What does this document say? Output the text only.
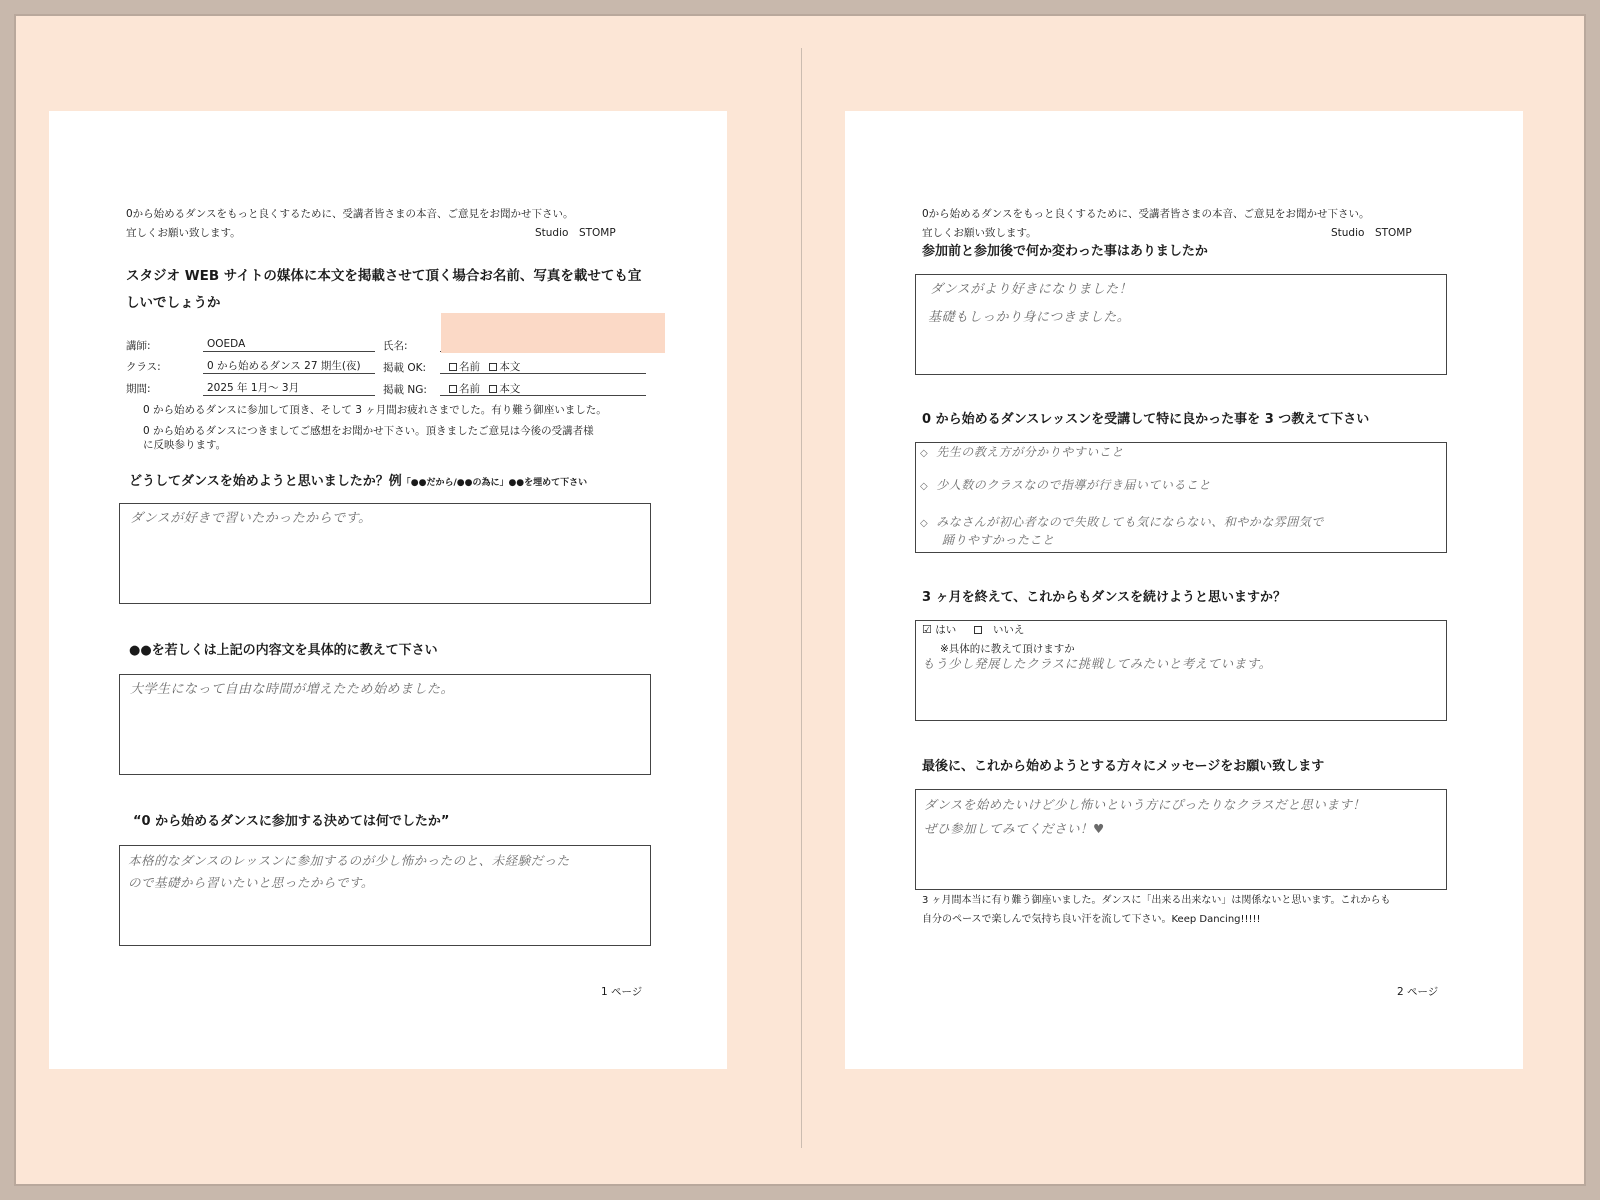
0から始めるダンスをもっと良くするために、受講者皆さまの本音、ご意見をお聞かせ下さい。
宜しくお願い致します。	Studio　STOMP
スタジオ WEB サイトの媒体に本文を掲載させて頂く場合お名前、写真を載せても宜
しいでしょうか
講師:	OOEDA	氏名:
クラス:	0 から始めるダンス 27 期生(夜) 掲載 OK:	名前 本文
期間:	2025 年 1月～ 3月	掲載 NG:	名前 本文
0 から始めるダンスに参加して頂き、そして 3 ヶ月間お疲れさまでした。有り難う御座いました。
0 から始めるダンスにつきましてご感想をお聞かせ下さい。頂きましたご意見は今後の受講者様
に反映参ります。
どうしてダンスを始めようと思いましたか？例「●●だから/●●の為に」●●を埋めて下さい
ダンスが好きで習いたかったからです。
●●を若しくは上記の内容文を具体的に教えて下さい
大学生になって自由な時間が増えたため始めました。
“0 から始めるダンスに参加する決めては何でしたか”
本格的なダンスのレッスンに参加するのが少し怖かったのと、未経験だった
ので基礎から習いたいと思ったからです。
1 ページ
0から始めるダンスをもっと良くするために、受講者皆さまの本音、ご意見をお聞かせ下さい。
宜しくお願い致します。	Studio　STOMP
参加前と参加後で何か変わった事はありましたか
ダンスがより好きになりました！
基礎もしっかり身につきました。
0 から始めるダンスレッスンを受講して特に良かった事を 3 つ教えて下さい
◇ 先生の教え方が分かりやすいこと
◇ 少人数のクラスなので指導が行き届いていること
◇ みなさんが初心者なので失敗しても気にならない、和やかな雰囲気で
踊りやすかったこと
3 ヶ月を終えて、これからもダンスを続けようと思いますか？
☑ はい	いいえ
※具体的に教えて頂けますか
もう少し発展したクラスに挑戦してみたいと考えています。
最後に、これから始めようとする方々にメッセージをお願い致します
ダンスを始めたいけど少し怖いという方にぴったりなクラスだと思います！
ぜひ参加してみてください！♥
3 ヶ月間本当に有り難う御座いました。ダンスに「出来る出来ない」は関係ないと思います。これからも
自分のペースで楽しんで気持ち良い汗を流して下さい。Keep Dancing!!!!!
2 ページ
